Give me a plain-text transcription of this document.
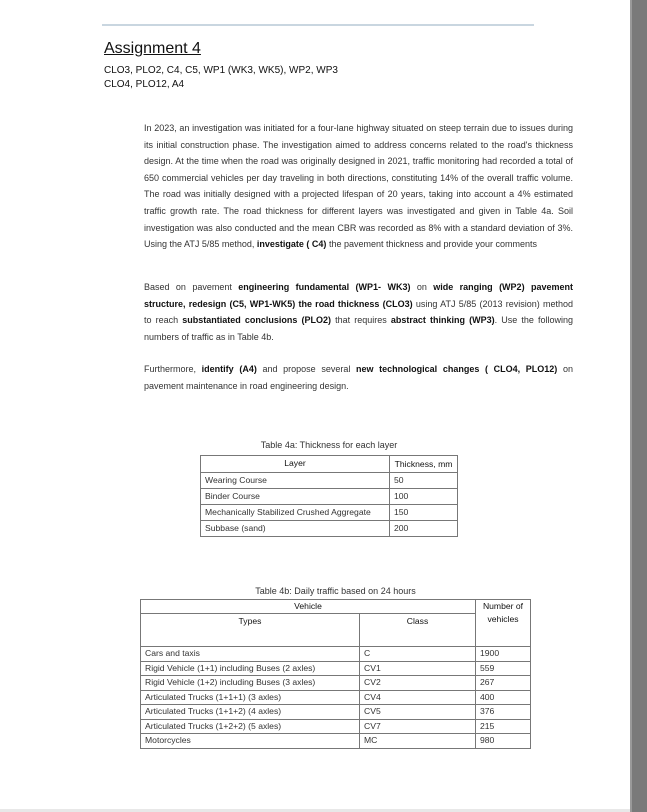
Assignment 4
CLO3, PLO2, C4, C5, WP1 (WK3, WK5), WP2, WP3
CLO4, PLO12, A4
In 2023, an investigation was initiated for a four-lane highway situated on steep terrain due to issues during its initial construction phase. The investigation aimed to address concerns related to the road's thickness design. At the time when the road was originally designed in 2021, traffic monitoring had recorded a total of 650 commercial vehicles per day traveling in both directions, constituting 14% of the overall traffic volume. The road was initially designed with a projected lifespan of 20 years, taking into account a 4% estimated traffic growth rate. The road thickness for different layers was investigated and given in Table 4a. Soil investigation was also conducted and the mean CBR was recorded as 8% with a standard deviation of 3%. Using the ATJ 5/85 method, investigate ( C4) the pavement thickness and provide your comments
Based on pavement engineering fundamental (WP1- WK3) on wide ranging (WP2) pavement structure, redesign (C5, WP1-WK5) the road thickness (CLO3) using ATJ 5/85 (2013 revision) method to reach substantiated conclusions (PLO2) that requires abstract thinking (WP3). Use the following numbers of traffic as in Table 4b.
Furthermore, identify (A4) and propose several new technological changes ( CLO4, PLO12) on pavement maintenance in road engineering design.
Table 4a: Thickness for each layer
Layer	Thickness, mm
Wearing Course	50
Binder Course	100
Mechanically Stabilized Crushed Aggregate	150
Subbase (sand)	200
Table 4b: Daily traffic based on 24 hours
Vehicle		Number of vehicles
Types	Class	
Cars and taxis	C	1900
Rigid Vehicle (1+1) including Buses (2 axles)	CV1	559
Rigid Vehicle (1+2) including Buses (3 axles)	CV2	267
Articulated Trucks (1+1+1) (3 axles)	CV4	400
Articulated Trucks (1+1+2) (4 axles)	CV5	376
Articulated Trucks (1+2+2) (5 axles)	CV7	215
Motorcycles	MC	980
